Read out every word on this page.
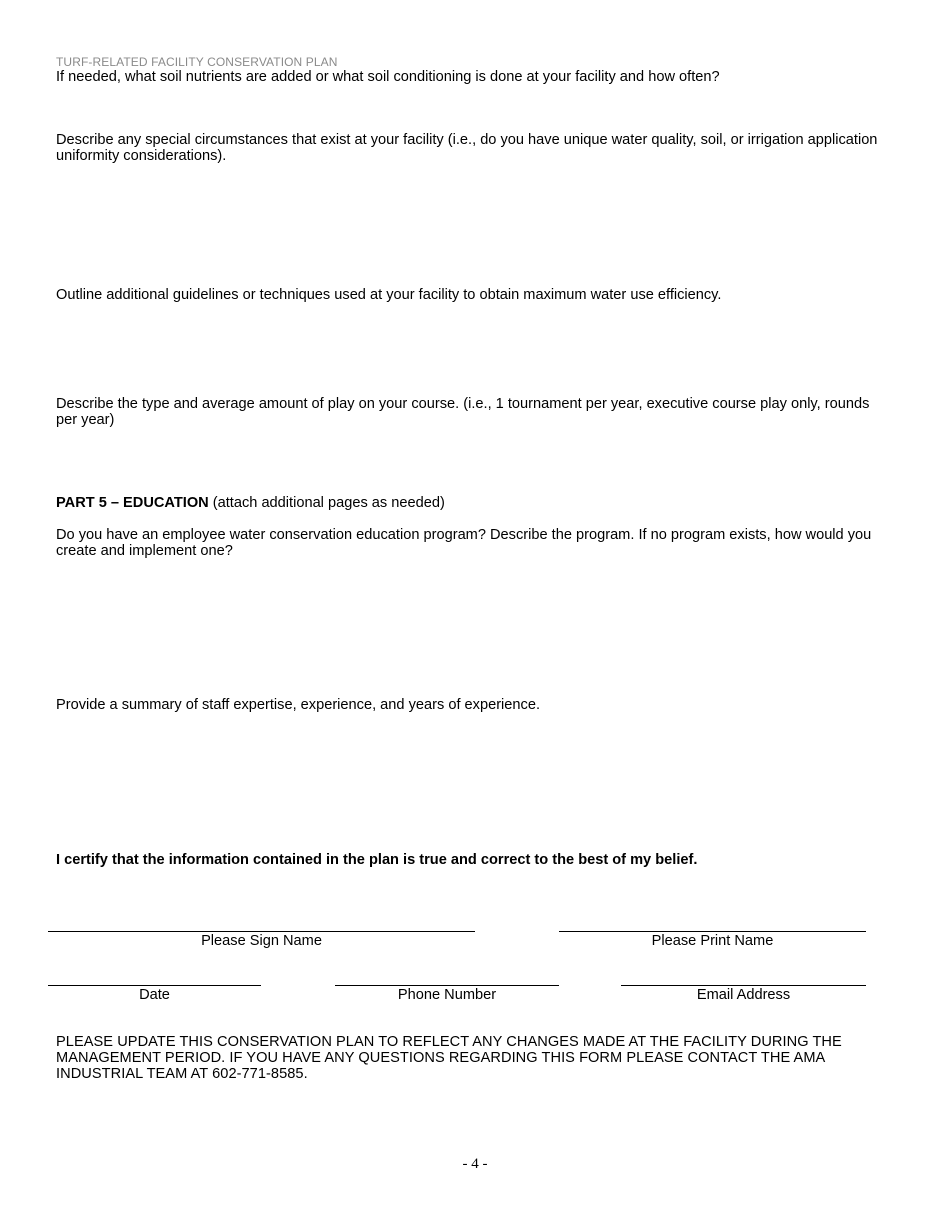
TURF-RELATED FACILITY CONSERVATION PLAN
If needed, what soil nutrients are added or what soil conditioning is done at your facility and how often?
Describe any special circumstances that exist at your facility (i.e., do you have unique water quality, soil, or irrigation application uniformity considerations).
Outline additional guidelines or techniques used at your facility to obtain maximum water use efficiency.
Describe the type and average amount of play on your course. (i.e., 1 tournament per year, executive course play only, rounds per year)
PART 5 – EDUCATION (attach additional pages as needed)
Do you have an employee water conservation education program? Describe the program. If no program exists, how would you create and implement one?
Provide a summary of staff expertise, experience, and years of experience.
I certify that the information contained in the plan is true and correct to the best of my belief.
Please Sign Name	Please Print Name
Date	Phone Number	Email Address
PLEASE UPDATE THIS CONSERVATION PLAN TO REFLECT ANY CHANGES MADE AT THE FACILITY DURING THE MANAGEMENT PERIOD. IF YOU HAVE ANY QUESTIONS REGARDING THIS FORM PLEASE CONTACT THE AMA INDUSTRIAL TEAM AT 602-771-8585.
- 4 -
